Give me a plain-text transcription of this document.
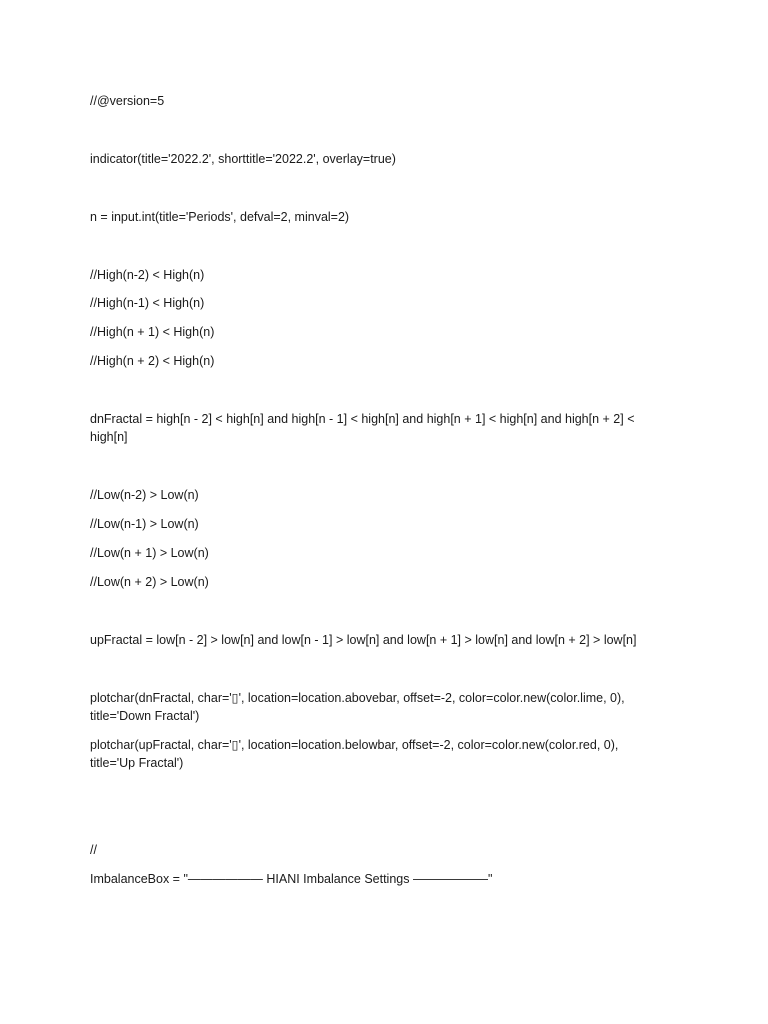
//@version=5
indicator(title='2022.2', shorttitle='2022.2', overlay=true)
n = input.int(title='Periods', defval=2, minval=2)
//High(n-2) < High(n)
//High(n-1) < High(n)
//High(n + 1) < High(n)
//High(n + 2) < High(n)
dnFractal = high[n - 2] < high[n] and high[n - 1] < high[n] and high[n + 1] < high[n] and high[n + 2] < high[n]
//Low(n-2) > Low(n)
//Low(n-1) > Low(n)
//Low(n + 1) > Low(n)
//Low(n + 2) > Low(n)
upFractal = low[n - 2] > low[n] and low[n - 1] > low[n] and low[n + 1] > low[n] and low[n + 2] > low[n]
plotchar(dnFractal, char='▯', location=location.abovebar, offset=-2, color=color.new(color.lime, 0), title='Down Fractal')
plotchar(upFractal, char='▯', location=location.belowbar, offset=-2, color=color.new(color.red, 0), title='Up Fractal')
//
ImbalanceBox = "—————— HIANI Imbalance Settings ——————"
